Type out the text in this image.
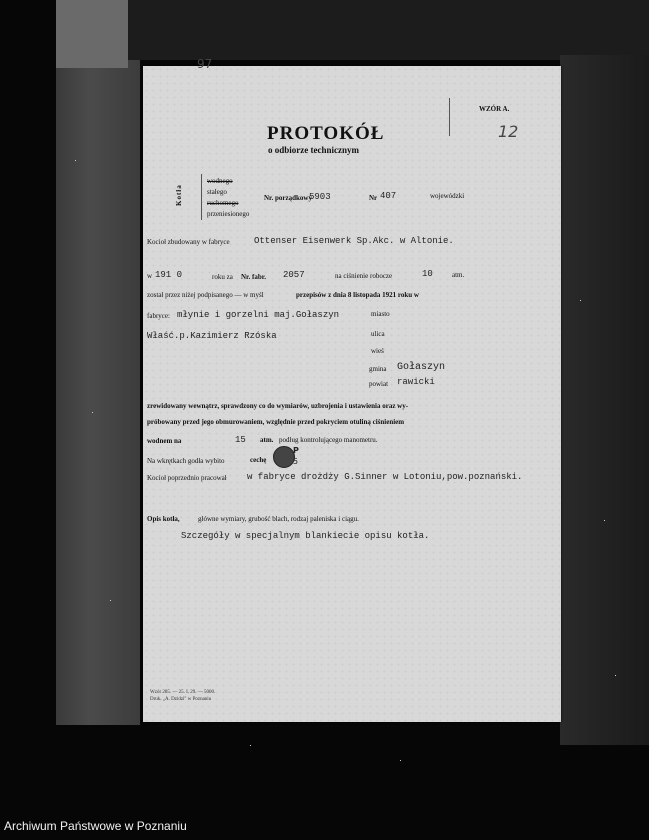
97
WZÓR A.
12
PROTOKÓŁ
o odbiorze technicznym
Kotła
wodnego
stałego
ruchomego
przeniesionego
Nr. porządkowy
5903	Nr 407	wojewódzki
Kocioł zbudowany w fabryce	Ottenser Eisenwerk Sp.Akc. w Altonie.
w 191 0	roku za Nr. fabr. 2057	na ciśnienie robocze	10	atm.
został przez niżej podpisanego — w myśl	przepisów z dnia 8 listopada 1921 roku w
fabryce: młynie i gorzelni maj.Gołaszyn	miasto
Właść.p.Kazimierz Rzóska	ulica
wieś
gmina Gołaszyn
powiat rawicki
zrewidowany wewnątrz, sprawdzony co do wymiarów, uzbrojenia i ustawienia oraz wy-
próbowany przed jego obmurowaniem, względnie przed pokryciem otuliną ciśnieniem
wodnem na	15 atm. podług kontrolującego manometru.
Na wkrętkach godła wybito	cechę
P
5
Kocioł poprzednio pracował w fabryce drożdży G.Sinner w Lotoniu,pow.poznański.
Opis kotła,	główne wymiary, grubość blach, rodzaj paleniska i ciągu.
Szczegóły w specjalnym blankiecie opisu kotła.
Wzór 285. — 25. I. 29. — 5000.
Druk. „A. Dzidzi" w Poznaniu
Archiwum Państwowe w Poznaniu
